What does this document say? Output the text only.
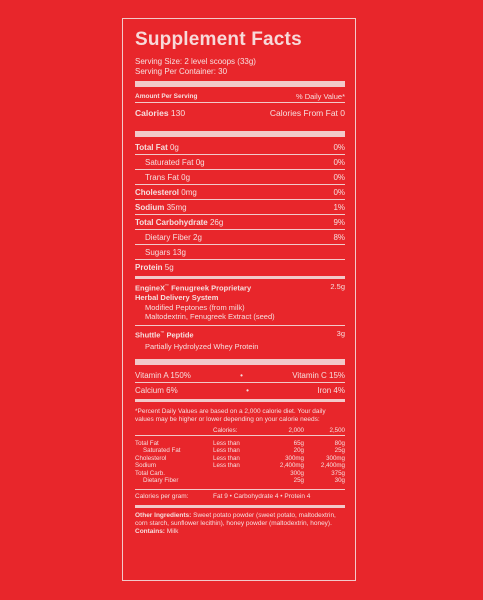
Supplement Facts
Serving Size: 2 level scoops (33g)
Serving Per Container: 30
Amount Per Serving	% Daily Value*
Calories 130	Calories From Fat 0
Total Fat 0g	0%
Saturated Fat 0g	0%
Trans Fat 0g	0%
Cholesterol 0mg	0%
Sodium 35mg	1%
Total Carbohydrate 26g	9%
Dietary Fiber 2g	8%
Sugars 13g
Protein 5g
EngineX™ Fenugreek Proprietary	2.5g
Herbal Delivery System
Modified Peptones (from milk)
Maltodextrin, Fenugreek Extract (seed)
Shuttle™ Peptide	3g
Partially Hydrolyzed Whey Protein
Vitamin A 150%	•	Vitamin C 15%
Calcium 6%	•	Iron 4%
*Percent Daily Values are based on a 2,000 calorie diet. Your daily values may be higher or lower depending on your calorie needs:
	Calories:	2,000	2,500

Total Fat	Less than	65g	80g
Saturated Fat	Less than	20g	25g
Cholesterol	Less than	300mg	300mg
Sodium	Less than	2,400mg	2,400mg
Total Carb.		300g	375g
Dietary Fiber		25g	30g
Calories per gram:	Fat 9 • Carbohydrate 4 • Protein 4
Other Ingredients: Sweet potato powder (sweet potato, maltodextrin, corn starch, sunflower lecithin), honey powder (maltodextrin, honey).
Contains: Milk
